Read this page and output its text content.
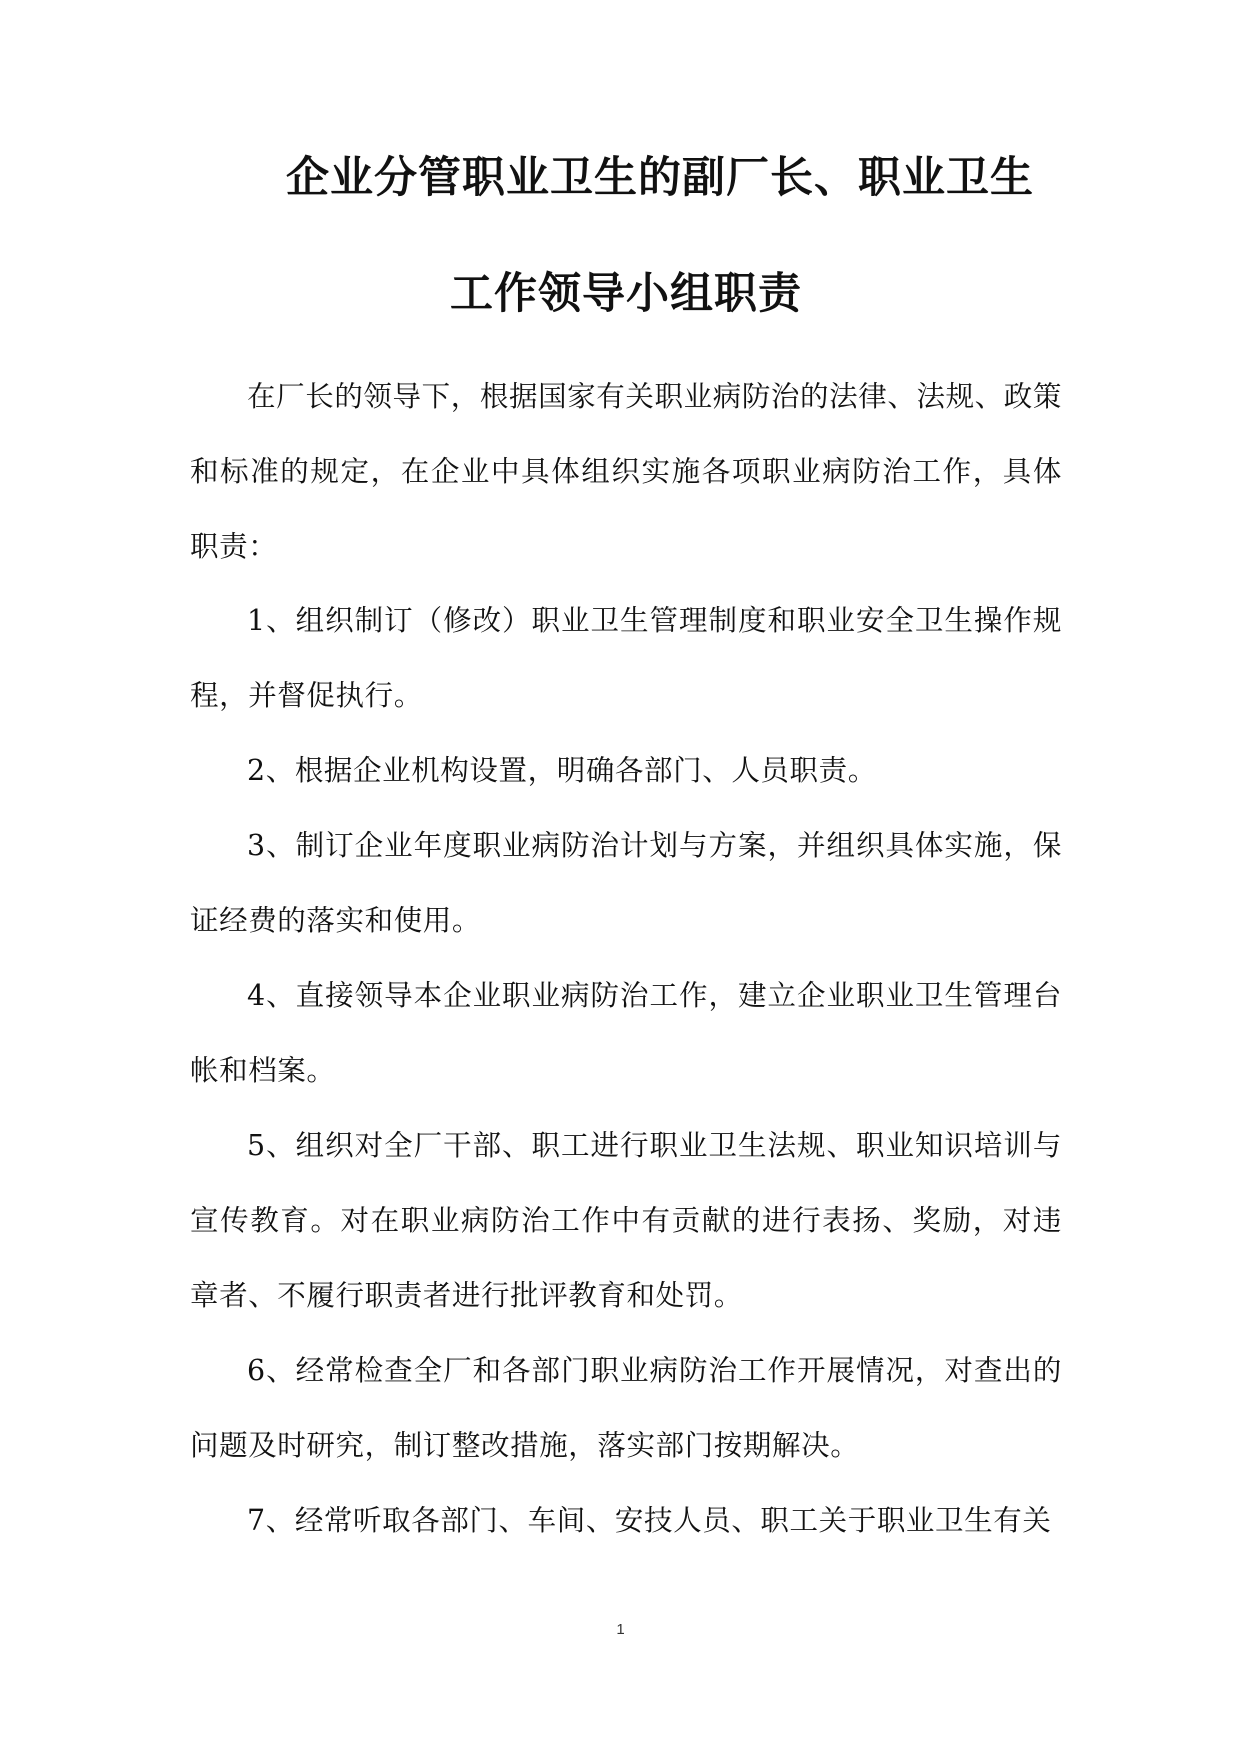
企业分管职业卫生的副厂长、职业卫生
工作领导小组职责

在厂长的领导下，根据国家有关职业病防治的法律、法规、政策和标准的规定，在企业中具体组织实施各项职业病防治工作，具体职责：

1、组织制订（修改）职业卫生管理制度和职业安全卫生操作规程，并督促执行。

2、根据企业机构设置，明确各部门、人员职责。

3、制订企业年度职业病防治计划与方案，并组织具体实施，保证经费的落实和使用。

4、直接领导本企业职业病防治工作，建立企业职业卫生管理台帐和档案。

5、组织对全厂干部、职工进行职业卫生法规、职业知识培训与宣传教育。对在职业病防治工作中有贡献的进行表扬、奖励，对违章者、不履行职责者进行批评教育和处罚。

6、经常检查全厂和各部门职业病防治工作开展情况，对查出的问题及时研究，制订整改措施，落实部门按期解决。

7、经常听取各部门、车间、安技人员、职工关于职业卫生有关

1
